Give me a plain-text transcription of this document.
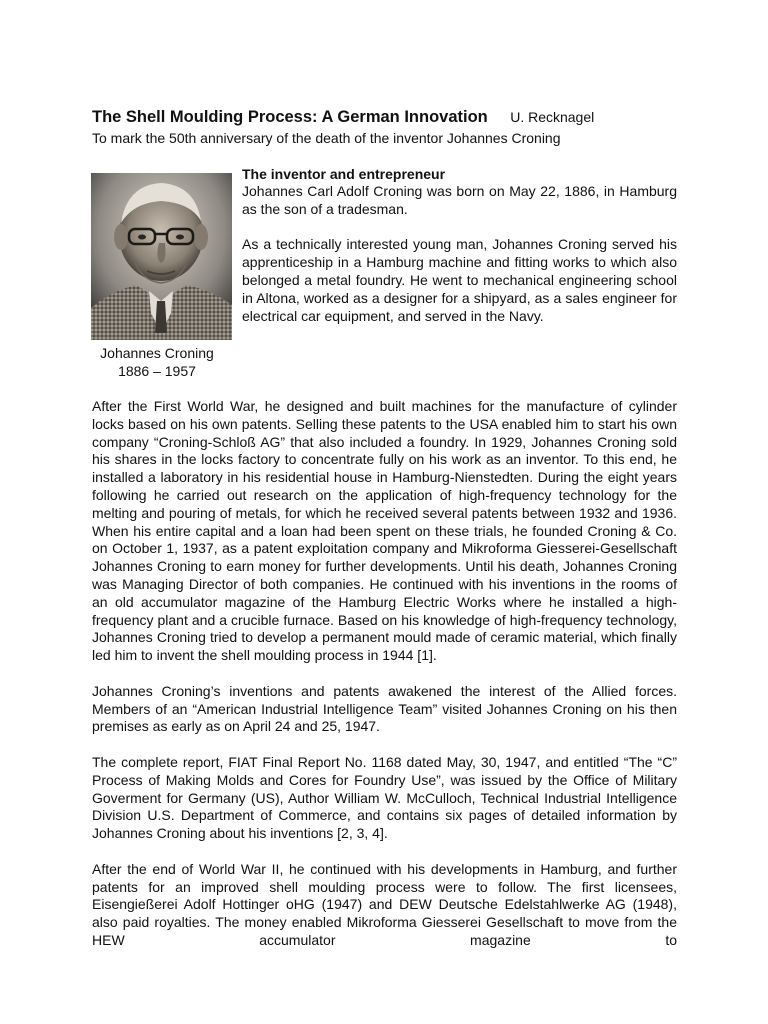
The Shell Moulding Process: A German Innovation U. Recknagel
To mark the 50th anniversary of the death of the inventor Johannes Croning
Johannes Croning
1886 – 1957
The inventor and entrepreneur

Johannes Carl Adolf Croning was born on May 22, 1886, in Hamburg as the son of a tradesman.

As a technically interested young man, Johannes Croning served his apprenticeship in a Hamburg machine and fitting works to which also belonged a metal foundry. He went to mechanical engineering school in Altona, worked as a designer for a shipyard, as a sales engineer for electrical car equipment, and served in the Navy.

After the First World War, he designed and built machines for the manufacture of cylinder locks based on his own patents. Selling these patents to the USA enabled him to start his own company “Croning-Schloß AG” that also included a foundry. In 1929, Johannes Croning sold his shares in the locks factory to concentrate fully on his work as an inventor. To this end, he installed a laboratory in his residential house in Hamburg-Nienstedten. During the eight years following he carried out research on the application of high-frequency technology for the melting and pouring of metals, for which he received several patents between 1932 and 1936. When his entire capital and a loan had been spent on these trials, he founded Croning & Co. on October 1, 1937, as a patent exploitation company and Mikroforma Giesserei-Gesellschaft Johannes Croning to earn money for further developments. Until his death, Johannes Croning was Managing Director of both companies. He continued with his inventions in the rooms of an old accumulator magazine of the Hamburg Electric Works where he installed a high-frequency plant and a crucible furnace. Based on his knowledge of high-frequency technology, Johannes Croning tried to develop a permanent mould made of ceramic material, which finally led him to invent the shell moulding process in 1944 [1].

Johannes Croning’s inventions and patents awakened the interest of the Allied forces. Members of an “American Industrial Intelligence Team” visited Johannes Croning on his then premises as early as on April 24 and 25, 1947.

The complete report, FIAT Final Report No. 1168 dated May, 30, 1947, and entitled “The “C” Process of Making Molds and Cores for Foundry Use”, was issued by the Office of Military Goverment for Germany (US), Author William W. McCulloch, Technical Industrial Intelligence Division U.S. Department of Commerce, and contains six pages of detailed information by Johannes Croning about his inventions [2, 3, 4].

After the end of World War II, he continued with his developments in Hamburg, and further patents for an improved shell moulding process were to follow. The first licensees, Eisengießerei Adolf Hottinger oHG (1947) and DEW Deutsche Edelstahlwerke AG (1948), also paid royalties. The money enabled Mikroforma Giesserei Gesellschaft to move from the HEW accumulator magazine to
